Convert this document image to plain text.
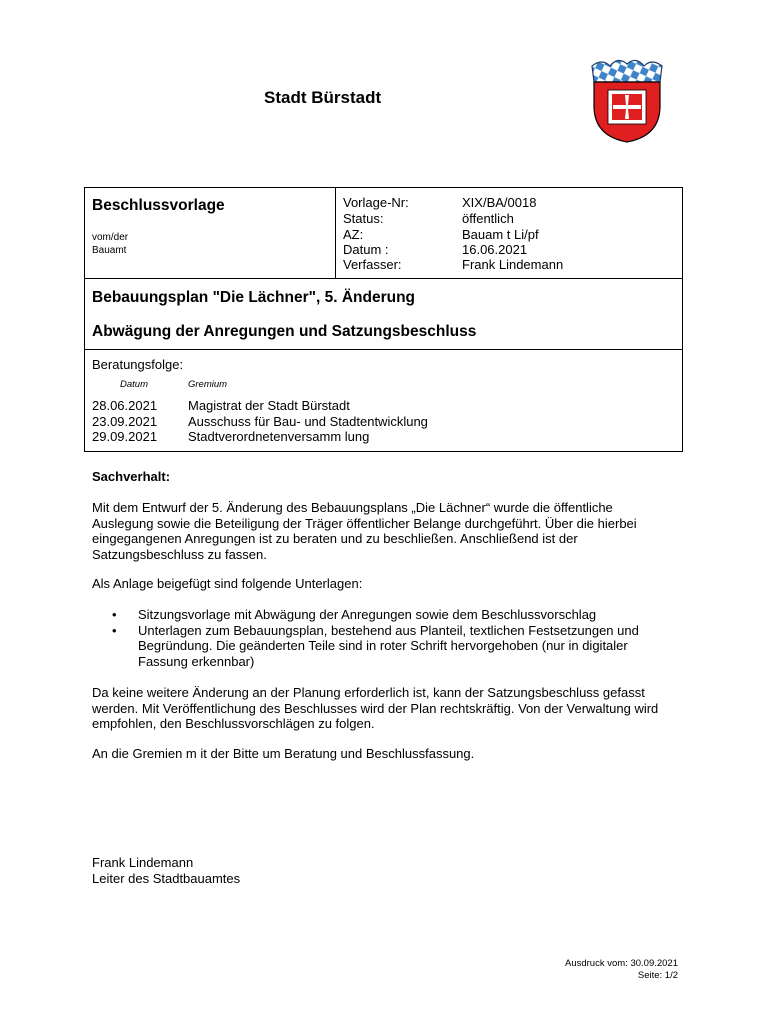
Stadt Bürstadt
Beschlussvorlage
vom/der
Bauamt
Vorlage-Nr:	XIX/BA/0018
Status:	öffentlich
AZ:	Bauam t Li/pf
Datum :	16.06.2021
Verfasser:	Frank Lindemann
Bebauungsplan "Die Lächner", 5. Änderung
Abwägung der Anregungen und Satzungsbeschluss
Beratungsfolge:
Datum	Gremium
28.06.2021 Magistrat der Stadt Bürstadt
23.09.2021 Ausschuss für Bau- und Stadtentwicklung
29.09.2021 Stadtverordnetenversamm lung
Sachverhalt:
Mit dem Entwurf der 5. Änderung des Bebauungsplans „Die Lächner“ wurde die öffentliche Auslegung sowie die Beteiligung der Träger öffentlicher Belange durchgeführt. Über die hierbei eingegangenen Anregungen ist zu beraten und zu beschließen. Anschließend ist der Satzungsbeschluss zu fassen.
Als Anlage beigefügt sind folgende Unterlagen:
• Sitzungsvorlage mit Abwägung der Anregungen sowie dem Beschlussvorschlag
• Unterlagen zum Bebauungsplan, bestehend aus Planteil, textlichen Festsetzungen und Begründung. Die geänderten Teile sind in roter Schrift hervorgehoben (nur in digitaler Fassung erkennbar)
Da keine weitere Änderung an der Planung erforderlich ist, kann der Satzungsbeschluss gefasst werden. Mit Veröffentlichung des Beschlusses wird der Plan rechtskräftig. Von der Verwaltung wird empfohlen, den Beschlussvorschlägen zu folgen.
An die Gremien m it der Bitte um Beratung und Beschlussfassung.
Frank Lindemann
Leiter des Stadtbauamtes
Ausdruck vom: 30.09.2021
Seite: 1/2
